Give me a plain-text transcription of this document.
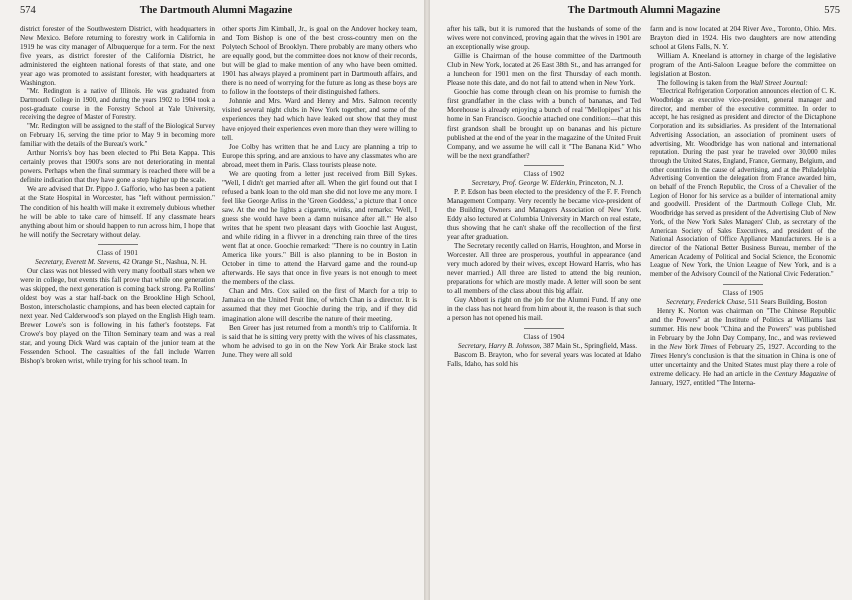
574	The Dartmouth Alumni Magazine

district forester of the Southwestern District, with headquarters in New Mexico. Before returning to forestry work in California in 1919 he was city manager of Albuquerque for a term. For the next five years, as district forester of the California District, he administered the eighteen national forests of that state, and one year ago was promoted to assistant forester, with headquarters at Washington.

"Mr. Redington is a native of Illinois. He was graduated from Dartmouth College in 1900, and during the years 1902 to 1904 took a post-graduate course in the Forestry School at Yale University, receiving the degree of Master of Forestry.

"Mr. Redington will be assigned to the staff of the Biological Survey on February 16, serving the time prior to May 9 in becoming more familiar with the details of the Bureau's work."

Arthur Norris's boy has been elected to Phi Beta Kappa. This certainly proves that 1900's sons are not deteriorating in mental powers. Perhaps when the final summary is reached there will be a definite indication that they have gone a step higher up the scale.

We are advised that Dr. Pippo J. Gafforio, who has been a patient at the State Hospital in Worcester, has "left without permission." The condition of his health will make it extremely dubious whether he will be able to take care of himself. If any classmate hears anything about him or should happen to run across him, I hope that he will notify the Secretary without delay.

Class of 1901

Secretary, Everett M. Stevens, 42 Orange St., Nashua, N. H.

Our class was not blessed with very many football stars when we were in college, but events this fall prove that while one generation was skipped, the next generation is coming back strong. Pa Rollins' oldest boy was a star half-back on the Brookline High School, Boston, interscholastic champions, and has been elected captain for next year. Ned Calderwood's son played on the English High team. Brewer Lowe's son is following in his father's footsteps. Fat Crowe's boy played on the Tilton Seminary team and was a real star, and young Dick Ward was captain of the junior team at the Fessenden School. The casualties of the fall include Warren Bishop's broken wrist, while trying for his school team. In

other sports Jim Kimball, Jr., is goal on the Andover hockey team, and Tom Bishop is one of the best cross-country men on the Polytech School of Brooklyn. There probably are many others who are equally good, but the committee does not know of their records, but will be glad to make mention of any who have been omitted. 1901 has always played a prominent part in Dartmouth affairs, and there is no need of worrying for the future as long as these boys are to follow in the footsteps of their distinguished fathers.

Johnnie and Mrs. Ward and Henry and Mrs. Salmon recently visited several night clubs in New York together, and some of the experiences they had which have leaked out show that they must have enjoyed their experiences even more than they were willing to tell.

Joe Colby has written that he and Lucy are planning a trip to Europe this spring, and are anxious to have any classmates who are abroad, meet them in Paris. Class tourists please note.

We are quoting from a letter just received from Bill Sykes. "Well, I didn't get married after all. When the girl found out that I refused a bank loan to the old man she did not love me any more. I feel like George Arliss in the 'Green Goddess,' a picture that I once saw. At the end he lights a cigarette, winks, and remarks: 'Well, I guess she would have been a damn nuisance after all.'" He also writes that he spent two pleasant days with Goochie last August, and while riding in a flivver in a drenching rain three of the tires went flat at once. Goochie remarked: "There is no country in Latin America like yours." Bill is also planning to be in Boston in October in time to attend the Harvard game and the round-up afterwards. He says that once in five years is not enough to meet the members of the class.

Chan and Mrs. Cox sailed on the first of March for a trip to Jamaica on the United Fruit line, of which Chan is a director. It is assumed that they met Goochie during the trip, and if they did imagination alone will describe the nature of their meeting.

Ben Greer has just returned from a month's trip to California. It is said that he is sitting very pretty with the wives of his classmates, whom he advised to go in on the New York Air Brake stock last June. They were all sold

The Dartmouth Alumni Magazine	575

after his talk, but it is rumored that the husbands of some of the wives were not convinced, proving again that the wives in 1901 are an exceptionally wise group.

Gillie is Chairman of the house committee of the Dartmouth Club in New York, located at 26 East 38th St., and has arranged for a luncheon for 1901 men on the first Thursday of each month. Please note this date, and do not fail to attend when in New York.

Goochie has come through clean on his promise to furnish the first grandfather in the class with a bunch of bananas, and Ted Morehouse is already enjoying a bunch of real "Mellopipes" at his home in San Francisco. Goochie attached one condition:—that this first grandson shall be brought up on bananas and his picture published at the end of the year in the magazine of the United Fruit Company, and we assume he will call it "The Banana Kid." Who will be the next grandfather?

Class of 1902

Secretary, Prof. George W. Elderkin, Princeton, N. J.

P. P. Edson has been elected to the presidency of the F. F. French Management Company. Very recently he became vice-president of the Building Owners and Managers Association of New York. Eddy also lectured at Columbia University in March on real estate, thus showing that he can't shake off the recollection of the first year after graduation.

The Secretary recently called on Harris, Houghton, and Morse in Worcester. All three are prosperous, youthful in appearance (and very much adored by their wives, except Howard Harris, who has never married.) All three are listed to attend the big reunion, preparations for which are mostly made. A letter will soon be sent to all members of the class about this big affair.

Guy Abbott is right on the job for the Alumni Fund. If any one in the class has not heard from him about it, the reason is that such a person has not opened his mail.

Class of 1904

Secretary, Harry B. Johnson, 387 Main St., Springfield, Mass.

Bascom B. Brayton, who for several years was located at Idaho Falls, Idaho, has sold his

farm and is now located at 204 River Ave., Toronto, Ohio. Mrs. Brayton died in 1924. His two daughters are now attending school at Glens Falls, N. Y.

William A. Kneeland is attorney in charge of the legislative program of the Anti-Saloon League before the committee on legislation at Boston.

The following is taken from the Wall Street Journal:

"Electrical Refrigeration Corporation announces election of C. K. Woodbridge as executive vice-president, general manager and director, and member of the executive committee. In order to accept, he has resigned as president and director of the Dictaphone Corporation and its subsidiaries. As president of the International Advertising Association, an association of prominent users of advertising, Mr. Woodbridge has won national and international reputation. During the past year he traveled over 30,000 miles through the United States, England, France, Germany, Belgium, and other countries in the cause of advertising, and at the Philadelphia Advertising Convention the delegation from France awarded him, on behalf of the French Republic, the Cross of a Chevalier of the Legion of Honor for his service as a builder of international amity and goodwill. President of the Dartmouth College Club, Mr. Woodbridge has served as president of the Advertising Club of New York, of the New York Sales Managers' Club, as secretary of the American Society of Sales Executives, and president of the National Association of Office Appliance Manufacturers. He is a director of the National Better Business Bureau, member of the American Academy of Political and Social Science, the Economic League of New York, the Union League of New York, and is a member of the Advisory Council of the National Civic Federation."

Class of 1905

Secretary, Frederick Chase, 511 Sears Building, Boston

Henry K. Norton was chairman on "The Chinese Republic and the Powers" at the Institute of Politics at Williams last summer. His new book "China and the Powers" was published in February by the John Day Company, Inc., and was reviewed in the New York Times of February 25, 1927. According to the Times Henry's conclusion is that the situation in China is one of utter uncertainty and the United States must play there a role of extreme delicacy. He had an article in the Century Magazine of January, 1927, entitled "The Interna-
